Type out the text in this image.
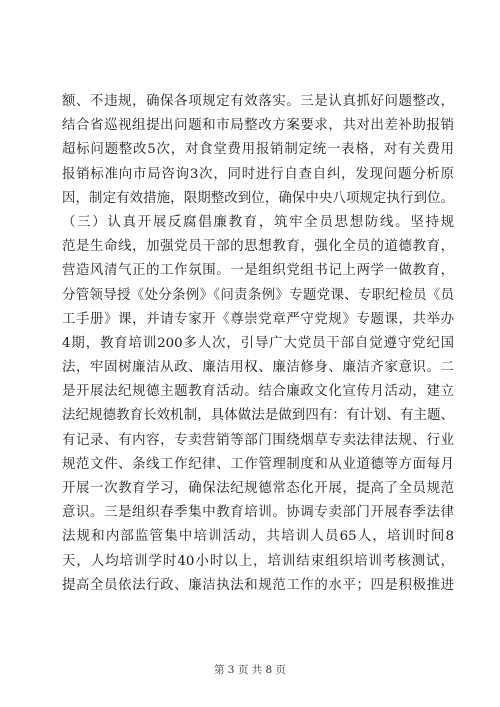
额、不违规，确保各项规定有效落实。三是认真抓好问题整改，
结合省巡视组提出问题和市局整改方案要求，共对出差补助报销
超标问题整改5次，对食堂费用报销制定统一表格，对有关费用
报销标准向市局咨询3次，同时进行自查自纠，发现问题分析原
因，制定有效措施，限期整改到位，确保中央八项规定执行到位。
（三）认真开展反腐倡廉教育，筑牢全员思想防线。坚持规
范是生命线，加强党员干部的思想教育，强化全员的道德教育，
营造风清气正的工作氛围。一是组织党组书记上两学一做教育，
分管领导授《处分条例》《问责条例》专题党课、专职纪检员《员
工手册》课，并请专家开《尊崇党章严守党规》专题课，共举办
4期，教育培训200多人次，引导广大党员干部自觉遵守党纪国
法，牢固树廉洁从政、廉洁用权、廉洁修身、廉洁齐家意识。二
是开展法纪规德主题教育活动。结合廉政文化宣传月活动，建立
法纪规德教育长效机制，具体做法是做到四有：有计划、有主题、
有记录、有内容，专卖营销等部门围绕烟草专卖法律法规、行业
规范文件、条线工作纪律、工作管理制度和从业道德等方面每月
开展一次教育学习，确保法纪规德常态化开展，提高了全员规范
意识。三是组织春季集中教育培训。协调专卖部门开展春季法律
法规和内部监管集中培训活动，共培训人员65人，培训时间8
天，人均培训学时40小时以上，培训结束组织培训考核测试，
提高全员依法行政、廉洁执法和规范工作的水平；四是积极推进
第 3 页 共 8 页
